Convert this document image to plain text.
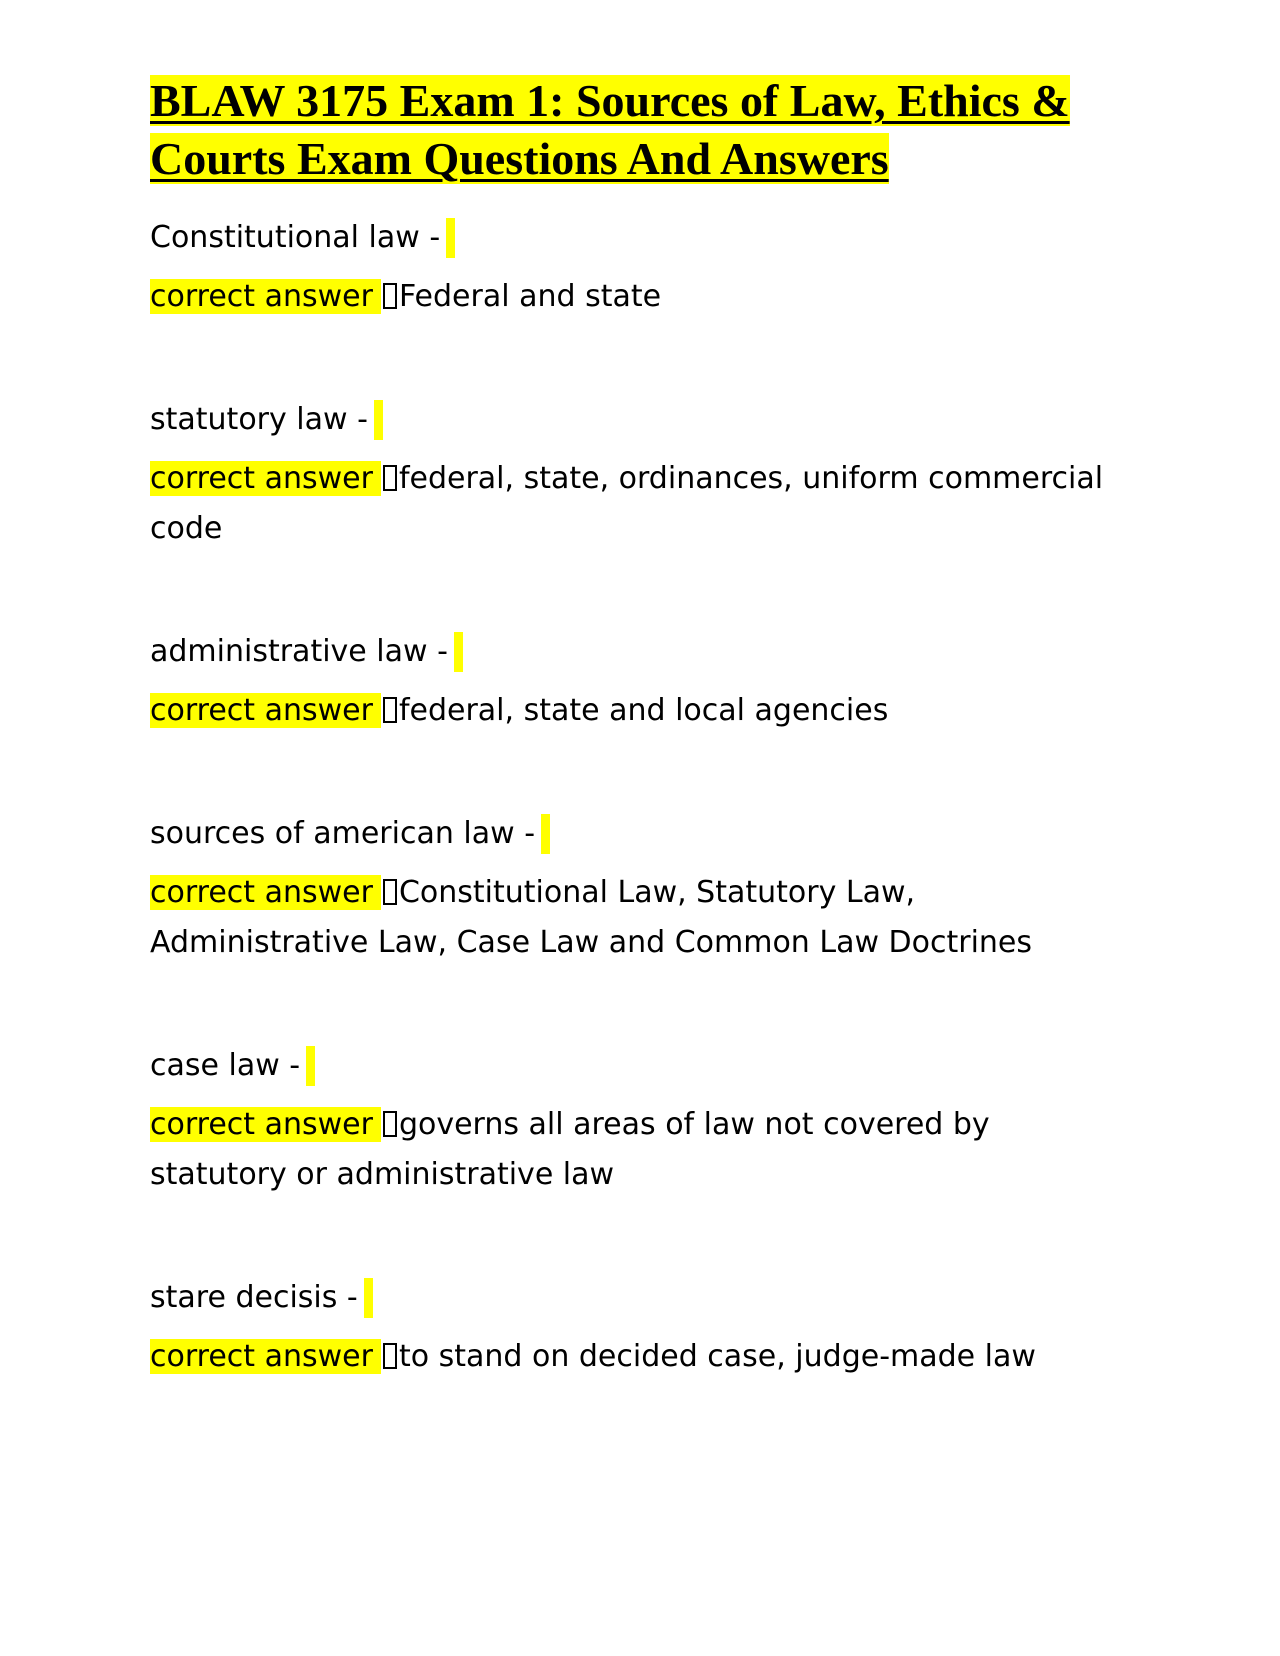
BLAW 3175 Exam 1: Sources of Law, Ethics & Courts Exam Questions And Answers
Constitutional law -

correct answer Federal and state

statutory law -

correct answer federal, state, ordinances, uniform commercial code

administrative law -

correct answer federal, state and local agencies

sources of american law -

correct answer Constitutional Law, Statutory Law, Administrative Law, Case Law and Common Law Doctrines

case law -

correct answer governs all areas of law not covered by statutory or administrative law

stare decisis -

correct answer to stand on decided case, judge-made law
